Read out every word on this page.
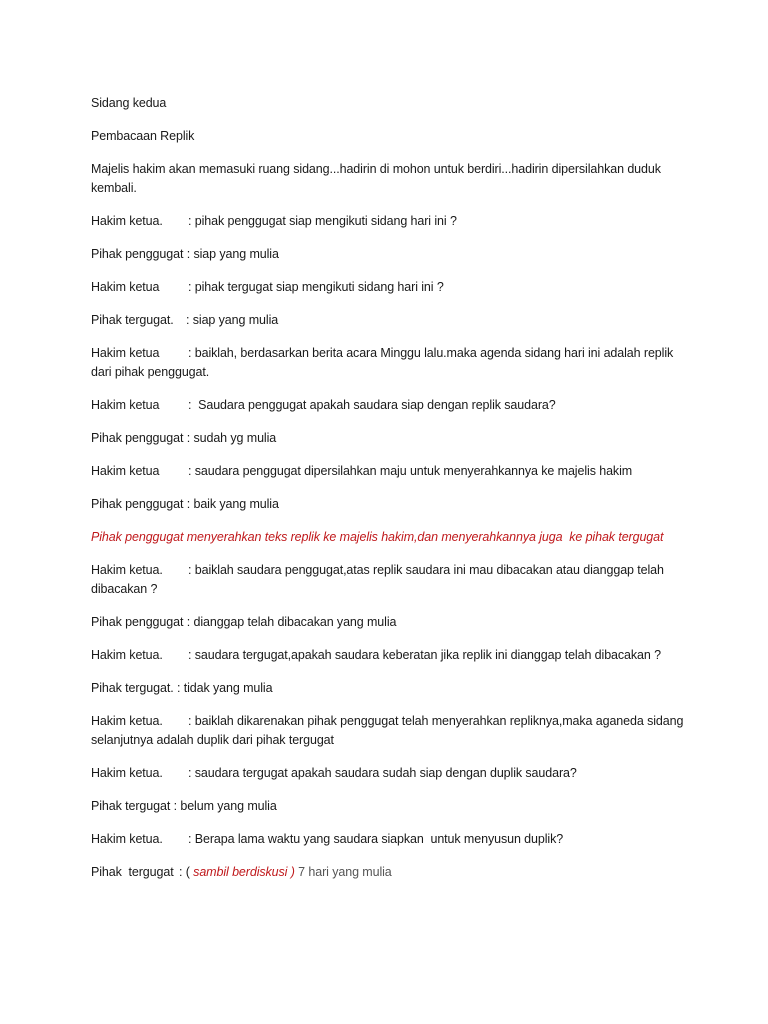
Sidang kedua

Pembacaan Replik

Majelis hakim akan memasuki ruang sidang...hadirin di mohon untuk berdiri...hadirin dipersilahkan duduk kembali.

Hakim ketua. : pihak penggugat siap mengikuti sidang hari ini ?

Pihak penggugat : siap yang mulia

Hakim ketua : pihak tergugat siap mengikuti sidang hari ini ?

Pihak tergugat. : siap yang mulia

Hakim ketua : baiklah, berdasarkan berita acara Minggu lalu.maka agenda sidang hari ini adalah replik dari pihak penggugat.

Hakim ketua :  Saudara penggugat apakah saudara siap dengan replik saudara?

Pihak penggugat : sudah yg mulia

Hakim ketua : saudara penggugat dipersilahkan maju untuk menyerahkannya ke majelis hakim

Pihak penggugat : baik yang mulia

Pihak penggugat menyerahkan teks replik ke majelis hakim,dan menyerahkannya juga  ke pihak tergugat

Hakim ketua. : baiklah saudara penggugat,atas replik saudara ini mau dibacakan atau dianggap telah dibacakan ?

Pihak penggugat : dianggap telah dibacakan yang mulia

Hakim ketua. : saudara tergugat,apakah saudara keberatan jika replik ini dianggap telah dibacakan ?

Pihak tergugat. : tidak yang mulia

Hakim ketua. : baiklah dikarenakan pihak penggugat telah menyerahkan repliknya,maka aganeda sidang selanjutnya adalah duplik dari pihak tergugat

Hakim ketua. : saudara tergugat apakah saudara sudah siap dengan duplik saudara?

Pihak tergugat : belum yang mulia

Hakim ketua. : Berapa lama waktu yang saudara siapkan  untuk menyusun duplik?

Pihak  tergugat : ( sambil berdiskusi ) 7 hari yang mulia
